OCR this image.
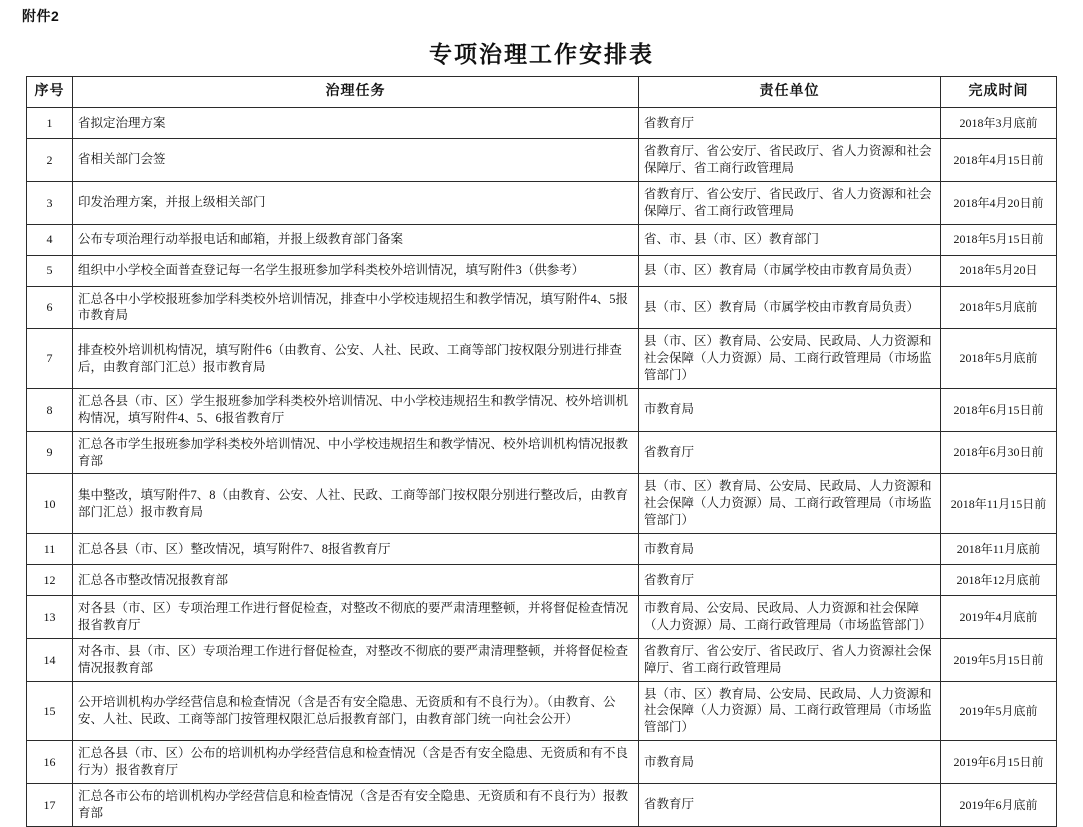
附件2
专项治理工作安排表
序号	治理任务	责任单位	完成时间
1	省拟定治理方案	省教育厅	2018年3月底前
2	省相关部门会签	省教育厅、省公安厅、省民政厅、省人力资源和社会保障厅、省工商行政管理局	2018年4月15日前
3	印发治理方案，并报上级相关部门	省教育厅、省公安厅、省民政厅、省人力资源和社会保障厅、省工商行政管理局	2018年4月20日前
4	公布专项治理行动举报电话和邮箱，并报上级教育部门备案	省、市、县（市、区）教育部门	2018年5月15日前
5	组织中小学校全面普查登记每一名学生报班参加学科类校外培训情况，填写附件3（供参考）	县（市、区）教育局（市属学校由市教育局负责）	2018年5月20日
6	汇总各中小学校报班参加学科类校外培训情况，排查中小学校违规招生和教学情况，填写附件4、5报市教育局	县（市、区）教育局（市属学校由市教育局负责）	2018年5月底前
7	排查校外培训机构情况，填写附件6（由教育、公安、人社、民政、工商等部门按权限分别进行排查后，由教育部门汇总）报市教育局	县（市、区）教育局、公安局、民政局、人力资源和社会保障（人力资源）局、工商行政管理局（市场监管部门）	2018年5月底前
8	汇总各县（市、区）学生报班参加学科类校外培训情况、中小学校违规招生和教学情况、校外培训机构情况，填写附件4、5、6报省教育厅	市教育局	2018年6月15日前
9	汇总各市学生报班参加学科类校外培训情况、中小学校违规招生和教学情况、校外培训机构情况报教育部	省教育厅	2018年6月30日前
10	集中整改，填写附件7、8（由教育、公安、人社、民政、工商等部门按权限分别进行整改后，由教育部门汇总）报市教育局	县（市、区）教育局、公安局、民政局、人力资源和社会保障（人力资源）局、工商行政管理局（市场监管部门）	2018年11月15日前
11	汇总各县（市、区）整改情况，填写附件7、8报省教育厅	市教育局	2018年11月底前
12	汇总各市整改情况报教育部	省教育厅	2018年12月底前
13	对各县（市、区）专项治理工作进行督促检查，对整改不彻底的要严肃清理整顿，并将督促检查情况报省教育厅	市教育局、公安局、民政局、人力资源和社会保障（人力资源）局、工商行政管理局（市场监管部门）	2019年4月底前
14	对各市、县（市、区）专项治理工作进行督促检查，对整改不彻底的要严肃清理整顿，并将督促检查情况报教育部	省教育厅、省公安厅、省民政厅、省人力资源社会保障厅、省工商行政管理局	2019年5月15日前
15	公开培训机构办学经营信息和检查情况（含是否有安全隐患、无资质和有不良行为）。（由教育、公安、人社、民政、工商等部门按管理权限汇总后报教育部门，由教育部门统一向社会公开）	县（市、区）教育局、公安局、民政局、人力资源和社会保障（人力资源）局、工商行政管理局（市场监管部门）	2019年5月底前
16	汇总各县（市、区）公布的培训机构办学经营信息和检查情况（含是否有安全隐患、无资质和有不良行为）报省教育厅	市教育局	2019年6月15日前
17	汇总各市公布的培训机构办学经营信息和检查情况（含是否有安全隐患、无资质和有不良行为）报教育部	省教育厅	2019年6月底前
